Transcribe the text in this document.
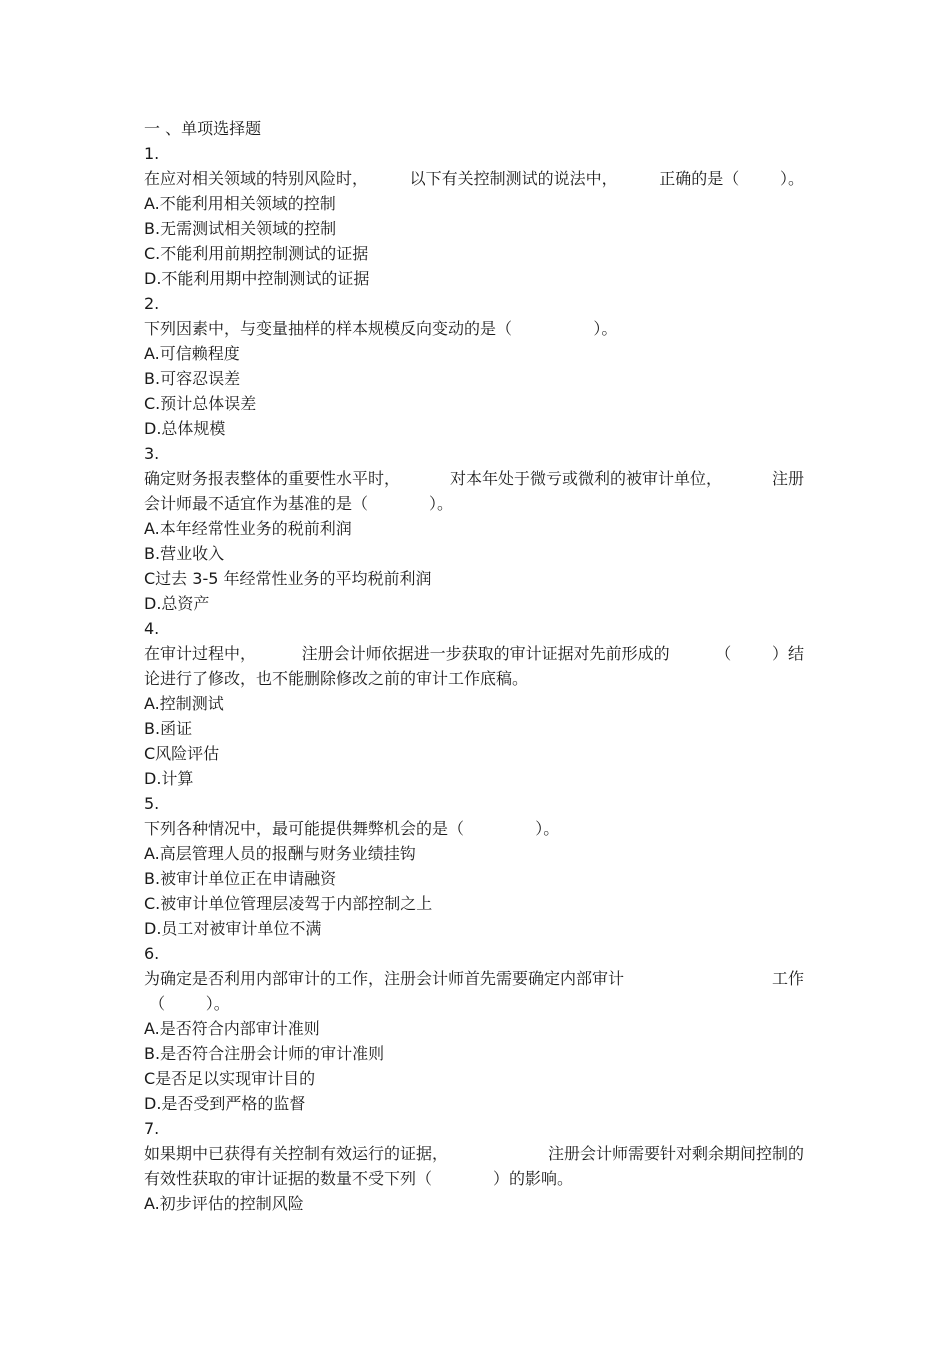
一 、单项选择题
1.
在应对相关领域的特别风险时，	以下有关控制测试的说法中，	正确的是（        ）。
A.不能利用相关领域的控制
B.无需测试相关领域的控制
C.不能利用前期控制测试的证据
D.不能利用期中控制测试的证据
2.
下列因素中，与变量抽样的样本规模反向变动的是（                ）。
A.可信赖程度
B.可容忍误差
C.预计总体误差
D.总体规模
3.
确定财务报表整体的重要性水平时，	对本年处于微亏或微利的被审计单位，	注册
会计师最不适宜作为基准的是（            ）。
A.本年经常性业务的税前利润
B.营业收入
C过去 3-5 年经常性业务的平均税前利润
D.总资产
4.
在审计过程中，	注册会计师依据进一步获取的审计证据对先前形成的	（        ）结
论进行了修改，也不能删除修改之前的审计工作底稿。
A.控制测试
B.函证
C风险评估
D.计算
5.
下列各种情况中，最可能提供舞弊机会的是（              ）。
A.高层管理人员的报酬与财务业绩挂钩
B.被审计单位正在申请融资
C.被审计单位管理层凌驾于内部控制之上
D.员工对被审计单位不满
6.
为确定是否利用内部审计的工作，注册会计师首先需要确定内部审计	工作
（        ）。
A.是否符合内部审计准则
B.是否符合注册会计师的审计准则
C是否足以实现审计目的
D.是否受到严格的监督
7.
如果期中已获得有关控制有效运行的证据，	注册会计师需要针对剩余期间控制的
有效性获取的审计证据的数量不受下列（            ）的影响。
A.初步评估的控制风险
